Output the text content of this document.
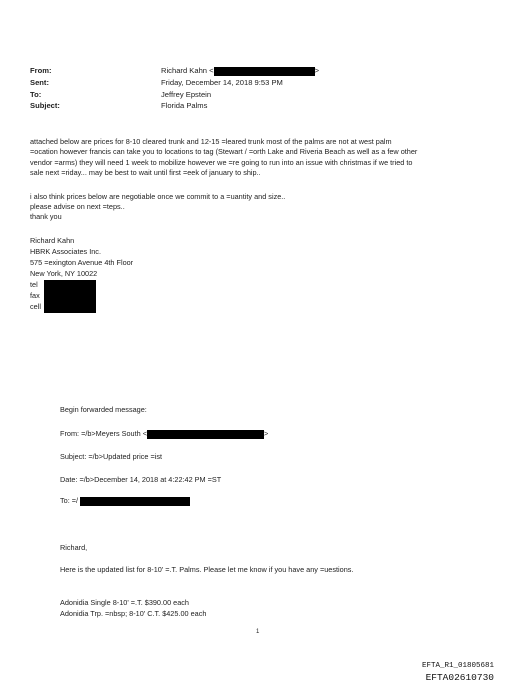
From:	Richard Kahn <	>
Sent:	Friday, December 14, 2018 9:53 PM
To:	Jeffrey Epstein
Subject:	Florida Palms
attached below are prices for 8-10 cleared trunk and 12-15 =leared trunk most of the palms are not at west palm
=ocation however francis can take you to locations to tag (Stewart / =orth Lake and Riveria Beach as well as a few other
vendor =arms) they will need 1 week to mobilize however we =re going to run into an issue with christmas if we tried to
sale next =riday... may be best to wait until first =eek of january to ship..
i also think prices below are negotiable once we commit to a =uantity and size..
please advise on next =teps..
thank you
Richard Kahn
HBRK Associates Inc.
575 =exington Avenue 4th Floor
New York, NY 10022
tel
fax
cell
Begin forwarded message:
From: =/b>Meyers South <	>
Subject: =/b>Updated price =ist
Date: =/b>December 14, 2018 at 4:22:42 PM =ST
To: =/
Richard,
Here is the updated list for 8-10' =.T. Palms. Please let me know if you have any =uestions.
Adonidia Single 8-10' =.T. $390.00 each
Adonidia Trp. =nbsp; 8-10' C.T. $425.00 each
1
EFTA_R1_01805681
EFTA02610730
